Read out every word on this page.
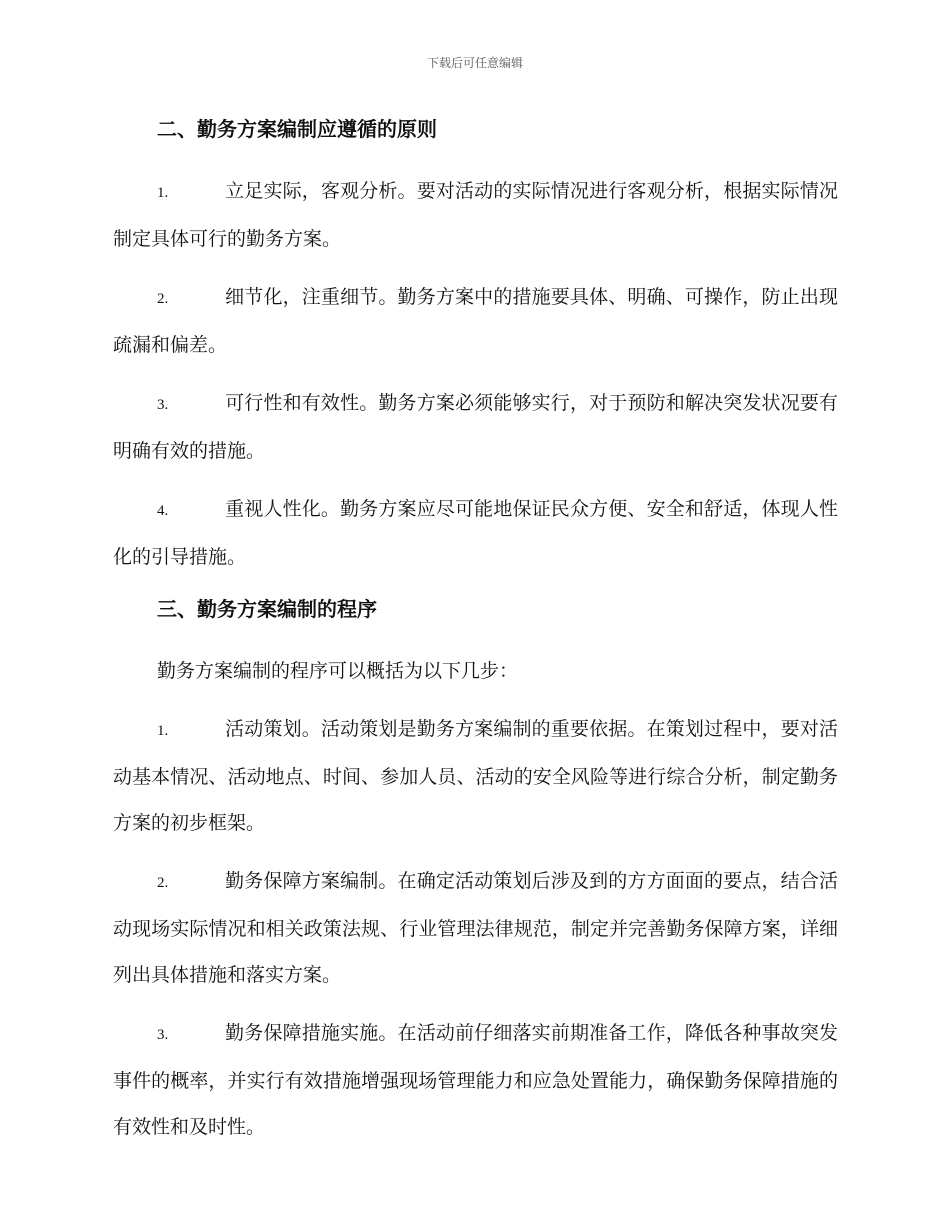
下载后可任意编辑
二、勤务方案编制应遵循的原则
1.	立足实际，客观分析。要对活动的实际情况进行客观分析，根据实际情况制定具体可行的勤务方案。
2.	细节化，注重细节。勤务方案中的措施要具体、明确、可操作，防止出现疏漏和偏差。
3.	可行性和有效性。勤务方案必须能够实行，对于预防和解决突发状况要有明确有效的措施。
4.	重视人性化。勤务方案应尽可能地保证民众方便、安全和舒适，体现人性化的引导措施。
三、勤务方案编制的程序
勤务方案编制的程序可以概括为以下几步：
1.	活动策划。活动策划是勤务方案编制的重要依据。在策划过程中，要对活动基本情况、活动地点、时间、参加人员、活动的安全风险等进行综合分析，制定勤务方案的初步框架。
2.	勤务保障方案编制。在确定活动策划后涉及到的方方面面的要点，结合活动现场实际情况和相关政策法规、行业管理法律规范，制定并完善勤务保障方案，详细列出具体措施和落实方案。
3.	勤务保障措施实施。在活动前仔细落实前期准备工作，降低各种事故突发事件的概率，并实行有效措施增强现场管理能力和应急处置能力，确保勤务保障措施的有效性和及时性。
